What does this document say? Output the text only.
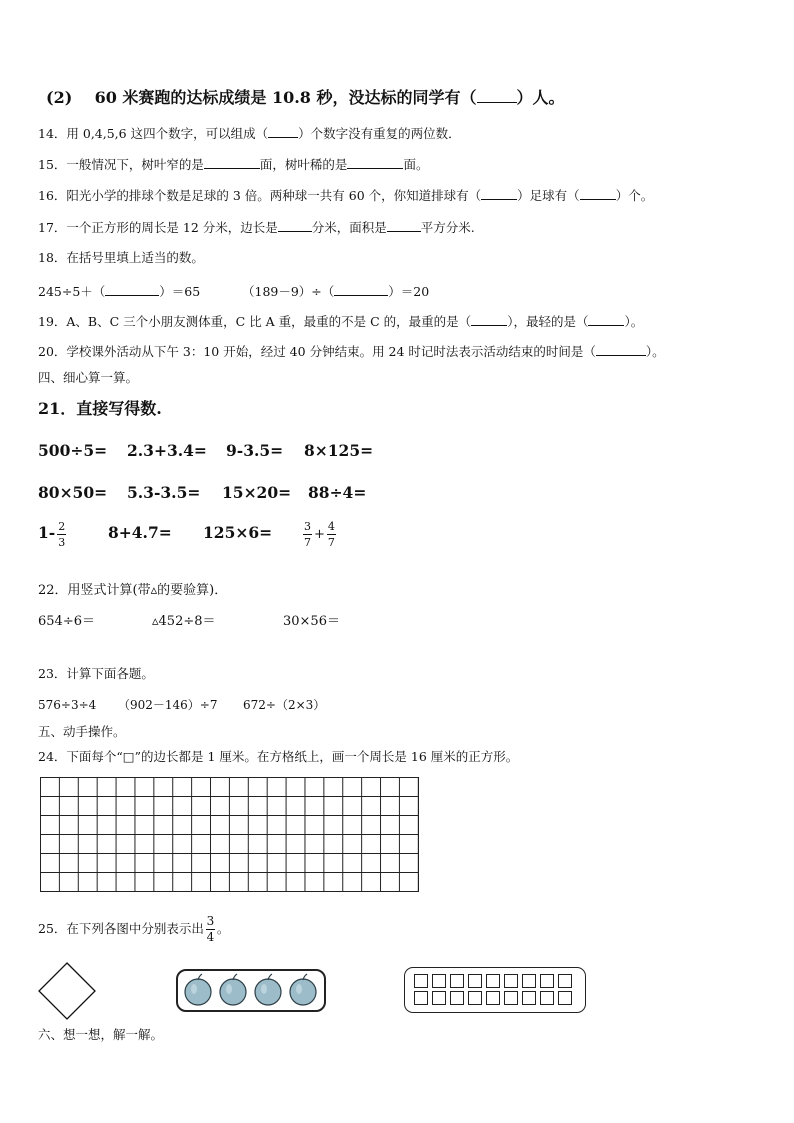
(2) 60 米赛跑的达标成绩是 10.8 秒，没达标的同学有（	）人。
14．用 0,4,5,6 这四个数字，可以组成（ ）个数字没有重复的两位数．
15．一般情况下，树叶窄的是	面，树叶稀的是	面。
16．阳光小学的排球个数是足球的 3 倍。两种球一共有 60 个，你知道排球有（	）足球有（	）个。
17．一个正方形的周长是 12 分米，边长是	分米，面积是	平方分米.
18．在括号里填上适当的数。
245÷5＋（	）＝65	（189－9）÷（	）＝20
19．A、B、C 三个小朋友测体重，C 比 A 重，最重的不是 C 的，最重的是（	），最轻的是（	）。
20．学校课外活动从下午 3：10 开始，经过 40 分钟结束。用 24 时记时法表示活动结束的时间是（	）。
四、细心算一算。
21．直接写得数.
500÷5= 2.3+3.4= 9-3.5= 8×125=
80×50= 5.3-3.5= 15×20= 88÷4=
$1- \frac{2}{3}$	8+4.7= 125×6=	$\frac{3}{7} + \frac{4}{7}$
22．用竖式计算(带▵的要验算)．
654÷6＝	▵452÷8＝	30×56＝
23．计算下面各题。
576÷3÷4 （902－146）÷7 672÷（2×3）
五、动手操作。
24．下面每个“□”的边长都是 1 厘米。在方格纸上，画一个周长是 16 厘米的正方形。
25．在下列各图中分别表示出 $\frac{3}{4}$ 。
六、想一想，解一解。
